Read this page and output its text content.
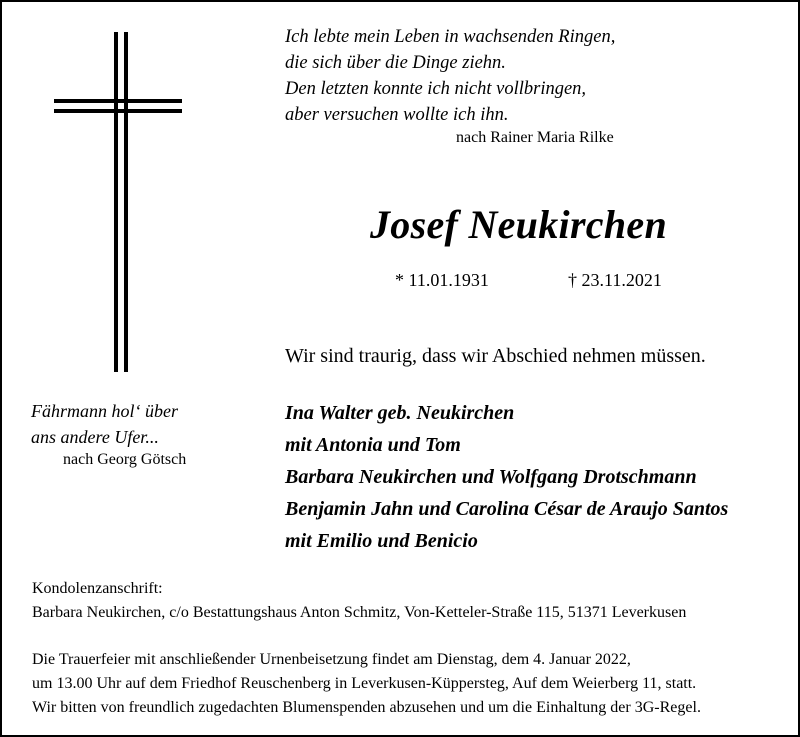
Ich lebte mein Leben in wachsenden Ringen,
die sich über die Dinge ziehn.
Den letzten konnte ich nicht vollbringen,
aber versuchen wollte ich ihn.
nach Rainer Maria Rilke
Josef Neukirchen
* 11.01.1931	† 23.11.2021
Wir sind traurig, dass wir Abschied nehmen müssen.
Ina Walter geb. Neukirchen
mit Antonia und Tom
Barbara Neukirchen und Wolfgang Drotschmann
Benjamin Jahn und Carolina César de Araujo Santos
mit Emilio und Benicio
Fährmann hol‘ über
ans andere Ufer...
nach Georg Götsch
Kondolenzanschrift:
Barbara Neukirchen, c/o Bestattungshaus Anton Schmitz, Von-Ketteler-Straße 115, 51371 Leverkusen
Die Trauerfeier mit anschließender Urnenbeisetzung findet am Dienstag, dem 4. Januar 2022,
um 13.00 Uhr auf dem Friedhof Reuschenberg in Leverkusen-Küppersteg, Auf dem Weierberg 11, statt.
Wir bitten von freundlich zugedachten Blumenspenden abzusehen und um die Einhaltung der 3G-Regel.
